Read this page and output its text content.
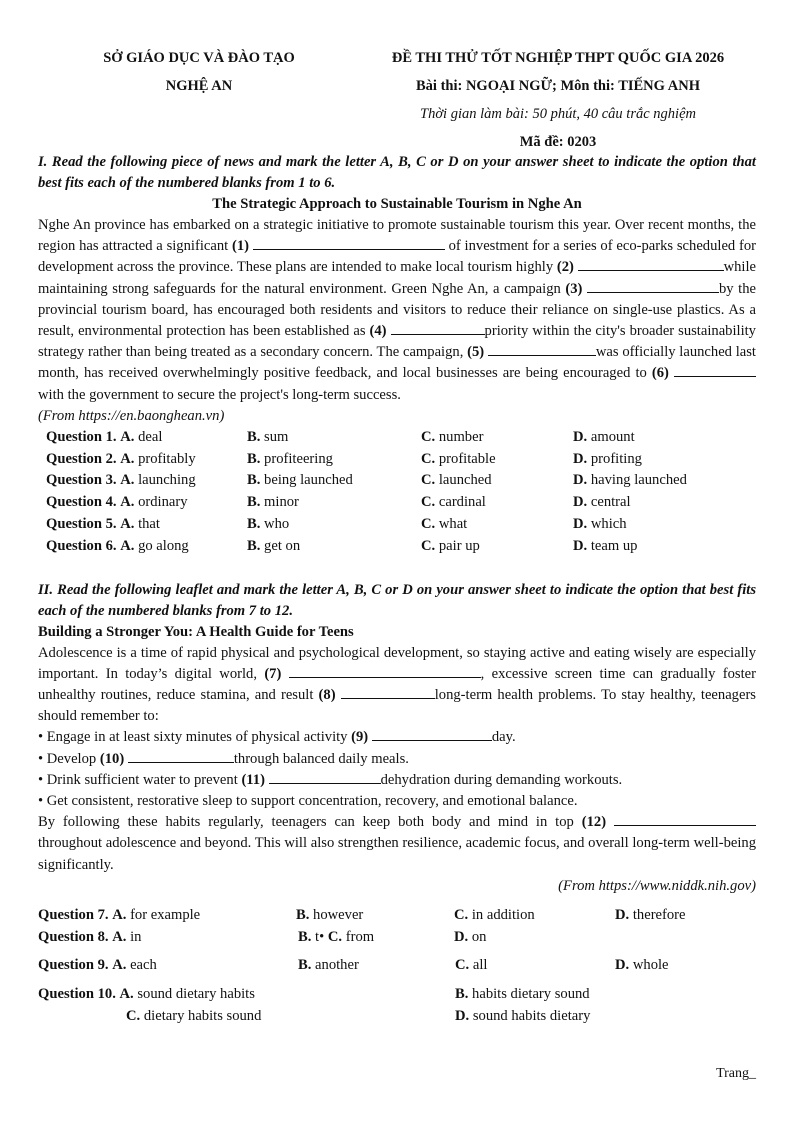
SỞ GIÁO DỤC VÀ ĐÀO TẠO
NGHỆ AN
ĐỀ THI THỬ TỐT NGHIỆP THPT QUỐC GIA 2026
Bài thi: NGOẠI NGỮ; Môn thi: TIẾNG ANH
Thời gian làm bài: 50 phút, 40 câu trắc nghiệm
Mã đề: 0203

I. Read the following piece of news and mark the letter A, B, C or D on your answer sheet to indicate the option that best fits each of the numbered blanks from 1 to 6.

The Strategic Approach to Sustainable Tourism in Nghe An

Nghe An province has embarked on a strategic initiative to promote sustainable tourism this year. Over recent months, the region has attracted a significant (1)	of investment for a series of eco-parks scheduled for development across the province. These plans are intended to make local tourism highly (2)	while maintaining strong safeguards for the natural environment. Green Nghe An, a campaign (3)	by the provincial tourism board, has encouraged both residents and visitors to reduce their reliance on single-use plastics. As a result, environmental protection has been established as (4)	priority within the city's broader sustainability strategy rather than being treated as a secondary concern. The campaign, (5)	was officially launched last month, has received overwhelmingly positive feedback, and local businesses are being encouraged to (6) with the government to secure the project's long-term success.

(From https://en.baonghean.vn)

Question 1. A. deal	B. sum	C. number	D. amount
Question 2. A. profitably	B. profiteering	C. profitable	D. profiting
Question 3. A. launching	B. being launched	C. launched	D. having launched
Question 4. A. ordinary	B. minor	C. cardinal	D. central
Question 5. A. that	B. who	C. what	D. which
Question 6. A. go along	B. get on	C. pair up	D. team up

II. Read the following leaflet and mark the letter A, B, C or D on your answer sheet to indicate the option that best fits each of the numbered blanks from 7 to 12.

Building a Stronger You: A Health Guide for Teens

Adolescence is a time of rapid physical and psychological development, so staying active and eating wisely are especially important. In today’s digital world, (7)	, excessive screen time can gradually foster unhealthy routines, reduce stamina, and result (8)	long-term health problems. To stay healthy, teenagers should remember to:

• Engage in at least sixty minutes of physical activity (9)	day.

• Develop (10)	through balanced daily meals.

• Drink sufficient water to prevent (11)	dehydration during demanding workouts.

• Get consistent, restorative sleep to support concentration, recovery, and emotional balance.

By following these habits regularly, teenagers can keep both body and mind in top (12)  throughout adolescence and beyond. This will also strengthen resilience, academic focus, and overall long-term well-being significantly.

(From https://www.niddk.nih.gov)

Question 7. A. for example	B. however	C. in addition	D. therefore
Question 8. A. in	B. t• C. from	D. on
Question 9. A. each	B. another	C. all	D. whole
Question 10. A. sound dietary habits	B. habits dietary sound
C. dietary habits sound	D. sound habits dietary
Trang_
